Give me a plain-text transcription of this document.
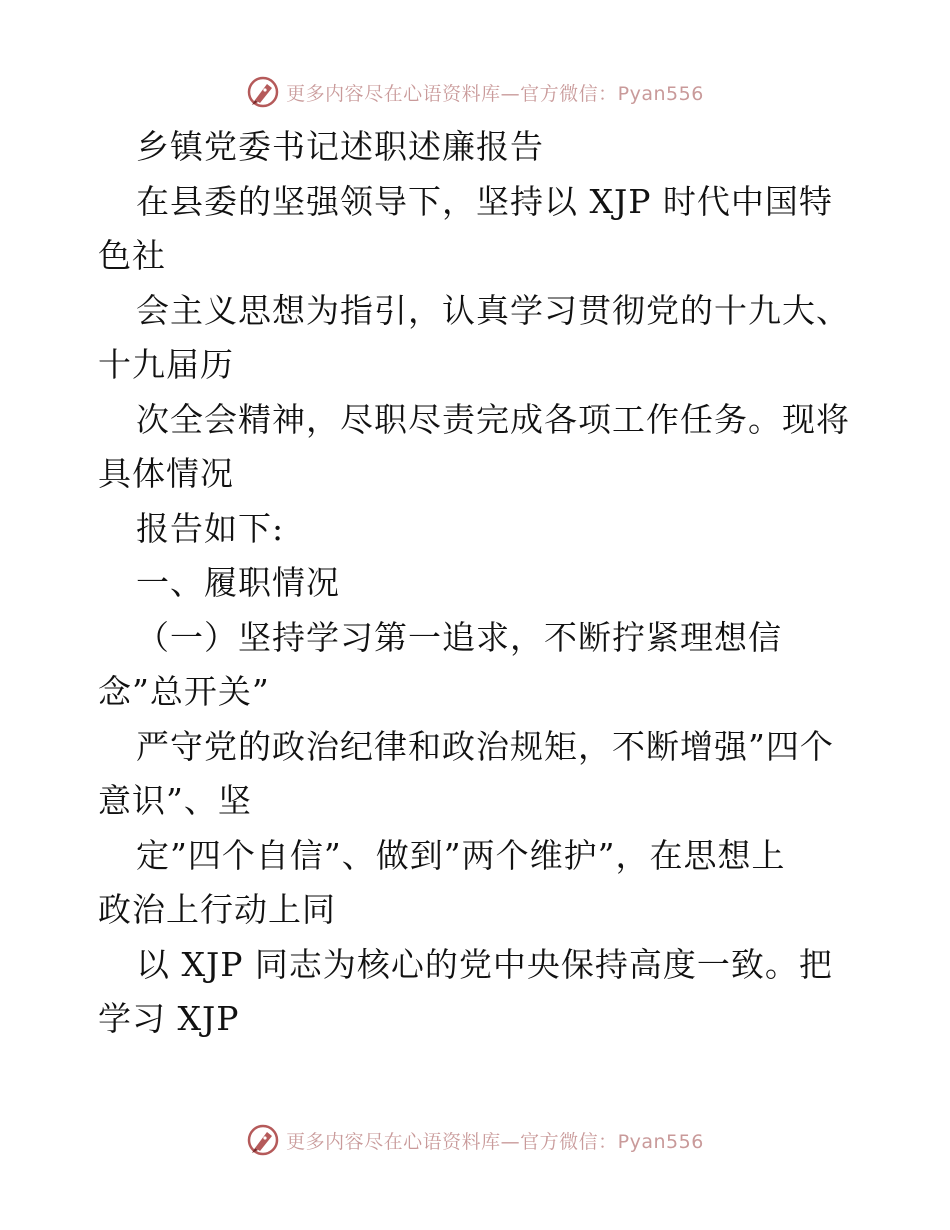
更多内容尽在心语资料库—官方微信：Pyan556
乡镇党委书记述职述廉报告
在县委的坚强领导下，坚持以 XJP 时代中国特
色社
会主义思想为指引，认真学习贯彻党的十九大、
十九届历
次全会精神，尽职尽责完成各项工作任务。现将
具体情况
报告如下:
一、履职情况
（一）坚持学习第一追求，不断拧紧理想信
念”总开关”
严守党的政治纪律和政治规矩，不断增强”四个
意识”、坚
定”四个自信”、做到”两个维护”，在思想上
政治上行动上同
以 XJP 同志为核心的党中央保持高度一致。把
学习 XJP
更多内容尽在心语资料库—官方微信：Pyan556
